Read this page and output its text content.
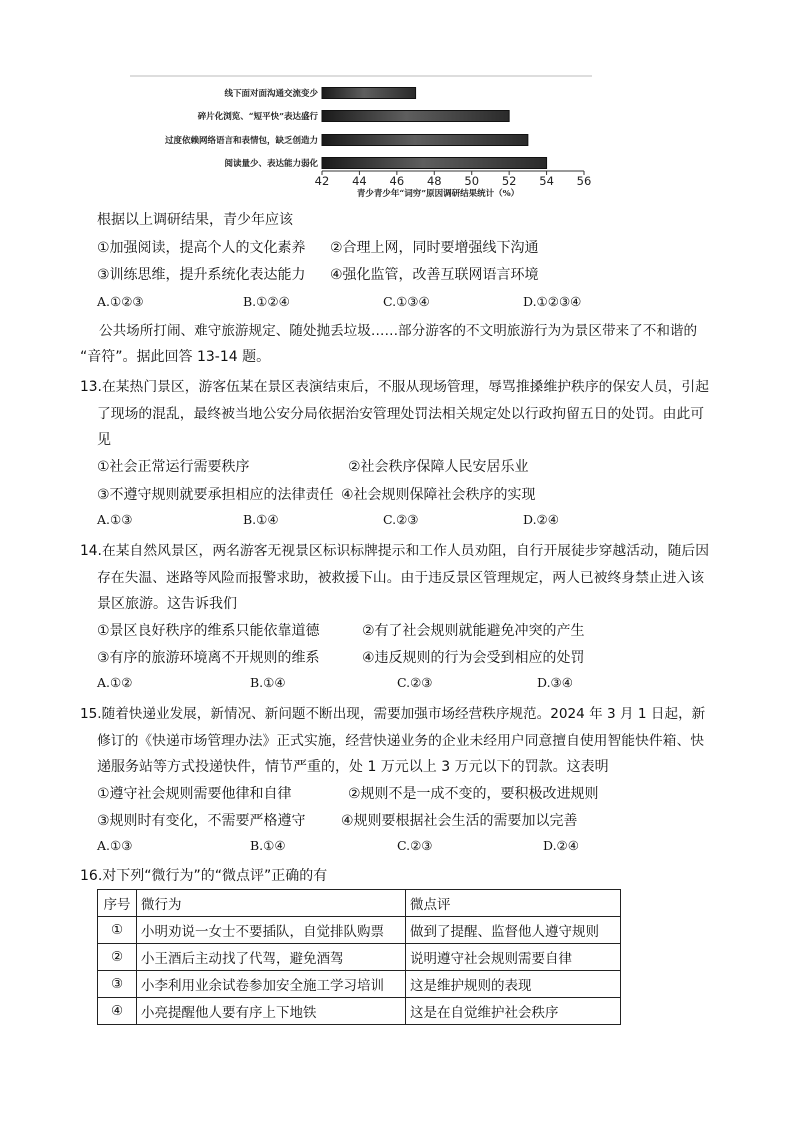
线下面对面沟通交流变少
碎片化浏览、“短平快”表达盛行
过度依赖网络语言和表情包，缺乏创造力
阅读量少、表达能力弱化
42 44 46 48 50 52 54 56
青少青少年“词穷”原因调研结果统计（%）
根据以上调研结果，青少年应该
①加强阅读，提高个人的文化素养 ②合理上网，同时要增强线下沟通
③训练思维，提升系统化表达能力 ④强化监管，改善互联网语言环境
A.①②③	B.①②④	C.①③④	D.①②③④
公共场所打闹、难守旅游规定、随处抛丢垃圾……部分游客的不文明旅游行为为景区带来了不和谐的
“音符”。据此回答 13-14 题。
13.在某热门景区，游客伍某在景区表演结束后，不服从现场管理，辱骂推搡维护秩序的保安人员，引起
了现场的混乱，最终被当地公安分局依据治安管理处罚法相关规定处以行政拘留五日的处罚。由此可
见
①社会正常运行需要秩序	②社会秩序保障人民安居乐业
③不遵守规则就要承担相应的法律责任 ④社会规则保障社会秩序的实现
A.①③	B.①④	C.②③	D.②④
14.在某自然风景区，两名游客无视景区标识标牌提示和工作人员劝阻，自行开展徒步穿越活动，随后因
存在失温、迷路等风险而报警求助，被救援下山。由于违反景区管理规定，两人已被终身禁止进入该
景区旅游。这告诉我们
①景区良好秩序的维系只能依靠道德	②有了社会规则就能避免冲突的产生
③有序的旅游环境离不开规则的维系	④违反规则的行为会受到相应的处罚
A.①②	B.①④	C.②③	D.③④
15.随着快递业发展，新情况、新问题不断出现，需要加强市场经营秩序规范。2024 年 3 月 1 日起，新
修订的《快递市场管理办法》正式实施，经营快递业务的企业未经用户同意擅自使用智能快件箱、快
递服务站等方式投递快件，情节严重的，处 1 万元以上 3 万元以下的罚款。这表明
①遵守社会规则需要他律和自律	②规则不是一成不变的，要积极改进规则
③规则时有变化，不需要严格遵守	④规则要根据社会生活的需要加以完善
A.①③	B.①④	C.②③	D.②④
16.对下列“微行为”的“微点评”正确的有
序号	微行为	微点评
①	小明劝说一女士不要插队，自觉排队购票	做到了提醒、监督他人遵守规则
②	小王酒后主动找了代驾，避免酒驾	说明遵守社会规则需要自律
③	小李利用业余试卷参加安全施工学习培训	这是维护规则的表现
④	小亮提醒他人要有序上下地铁	这是在自觉维护社会秩序
